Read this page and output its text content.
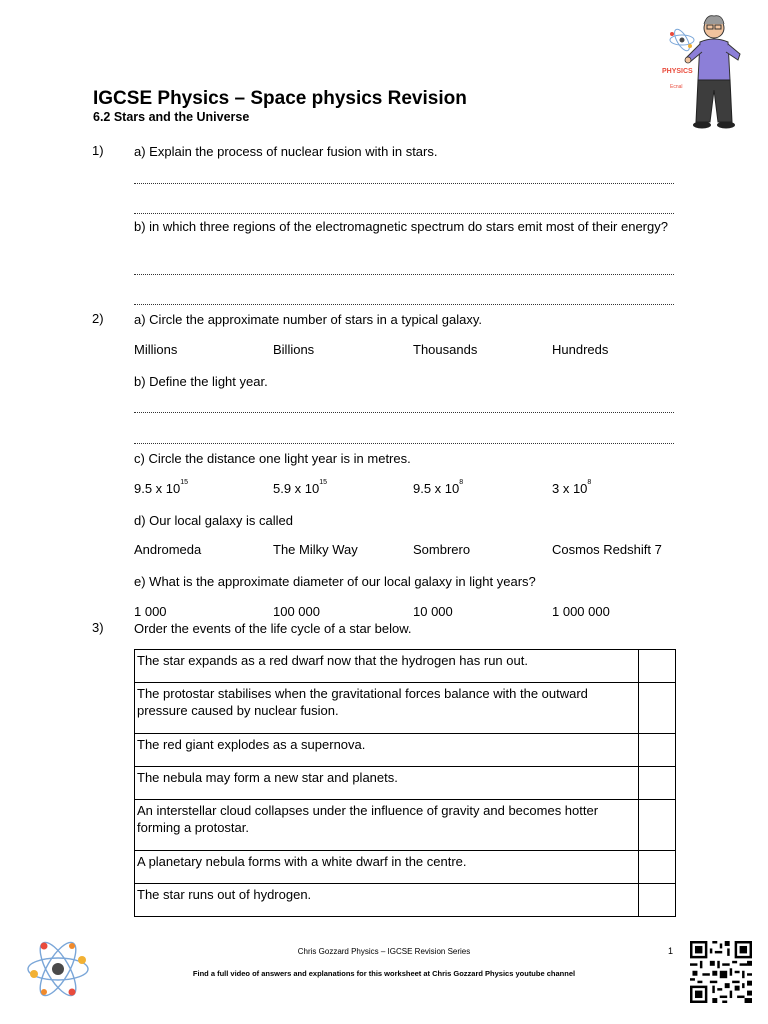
PHYSICS
Ecnal
IGCSE Physics – Space physics Revision
6.2 Stars and the Universe
1) a) Explain the process of nuclear fusion with in stars.
b) in which three regions of the electromagnetic spectrum do stars emit most of their energy?
2) a) Circle the approximate number of stars in a typical galaxy.
Millions	Billions	Thousands	Hundreds
b) Define the light year.
c) Circle the distance one light year is in metres.
9.5 x $10^{15}$	5.9 x $10^{15}$	9.5 x $10^8$	3 x $10^8$
d) Our local galaxy is called
Andromeda	The Milky Way	Sombrero	Cosmos Redshift 7
e) What is the approximate diameter of our local galaxy in light years?
1 000	100 000	10 000	1 000 000
3) Order the events of the life cycle of a star below.
The star expands as a red dwarf now that the hydrogen has run out.	
The protostar stabilises when the gravitational forces balance with the outward pressure caused by nuclear fusion.	
The red giant explodes as a supernova.	
The nebula may form a new star and planets.	
An interstellar cloud collapses under the influence of gravity and becomes hotter forming a protostar.	
A planetary nebula forms with a white dwarf in the centre.	
The star runs out of hydrogen.	
Chris Gozzard Physics – IGCSE Revision Series	1
Find a full video of answers and explanations for this worksheet at Chris Gozzard Physics youtube channel
